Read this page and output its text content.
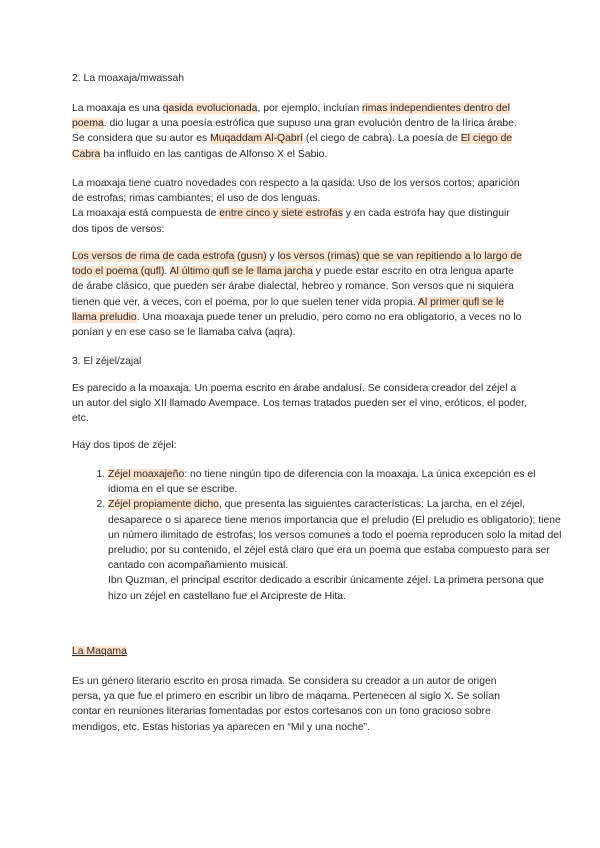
2. La moaxaja/mwassah

La moaxaja es una qasida evolucionada, por ejemplo, incluían rimas independientes dentro del poema. dio lugar a una poesía estrófica que supuso una gran evolución dentro de la lírica árabe. Se considera que su autor es Muqaddam Al-Qabrí (el ciego de cabra). La poesía de El ciego de Cabra ha influido en las cantigas de Alfonso X el Sabio.

La moaxaja tiene cuatro novedades con respecto a la qasida: Uso de los versos cortos; aparición de estrofas; rimas cambiantes; el uso de dos lenguas.
La moaxaja está compuesta de entre cinco y siete estrofas y en cada estrofa hay que distinguir dos tipos de versos:

Los versos de rima de cada estrofa (gusn) y los versos (rimas) que se van repitiendo a lo largo de todo el poema (qufl). Al último qufl se le llama jarcha y puede estar escrito en otra lengua aparte de árabe clásico, que pueden ser árabe dialectal, hebreo y romance. Son versos que ni siquiera tienen que ver, a veces, con el poema, por lo que suelen tener vida propia. Al primer qufl se le llama preludio. Una moaxaja puede tener un preludio, pero como no era obligatorio, a veces no lo ponían y en ese caso se le llamaba calva (aqra).

3. El zéjel/zajal

Es parecido a la moaxaja. Un poema escrito en árabe andalusí. Se considera creador del zéjel a un autor del siglo XII llamado Avempace. Los temas tratados pueden ser el vino, eróticos, el poder, etc.

Hay dos tipos de zéjel:

1. Zéjel moaxajeño: no tiene ningún tipo de diferencia con la moaxaja. La única excepción es el idioma en el que se escribe.
2. Zéjel propiamente dicho, que presenta las siguientes características: La jarcha, en el zéjel, desaparece o si aparece tiene menos importancia que el preludio (El preludio es obligatorio); tiene un número ilimitado de estrofas; los versos comunes a todo el poema reproducen solo la mitad del preludio; por su contenido, el zéjel está claro que era un poema que estaba compuesto para ser cantado con acompañamiento musical.
Ibn Quzman, el principal escritor dedicado a escribir únicamente zéjel. La primera persona que hizo un zéjel en castellano fue el Arcipreste de Hita.

La Maqama

Es un género literario escrito en prosa rimada. Se considera su creador a un autor de origen persa, ya que fue el primero en escribir un libro de maqama. Pertenecen al siglo X. Se solían contar en reuniones literarias fomentadas por estos cortesanos con un tono gracioso sobre mendigos, etc. Estas historias ya aparecen en “Mil y una noche”.
